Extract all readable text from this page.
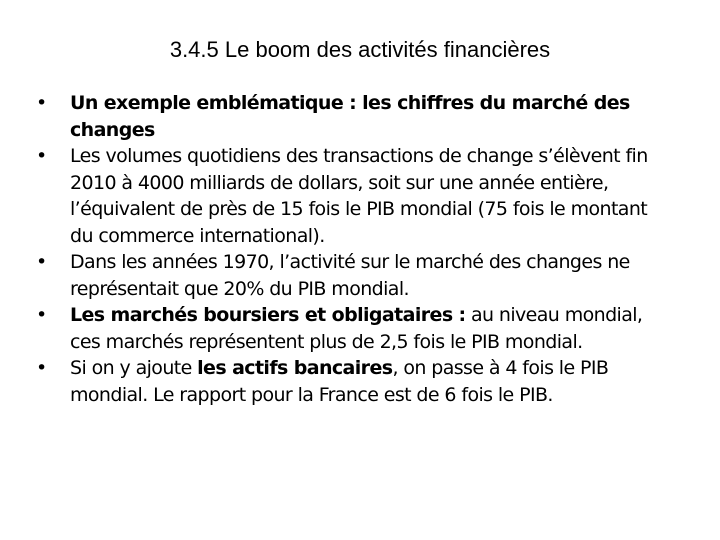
3.4.5 Le boom des activités financières
•	Un exemple emblématique : les chiffres du marché des changes
•	Les volumes quotidiens des transactions de change s’élèvent fin 2010 à 4000 milliards de dollars, soit sur une année entière, l’équivalent de près de 15 fois le PIB mondial (75 fois le montant du commerce international).
•	Dans les années 1970, l’activité sur le marché des changes ne représentait que 20% du PIB mondial.
•	Les marchés boursiers et obligataires : au niveau mondial, ces marchés représentent plus de 2,5 fois le PIB mondial.
•	Si on y ajoute les actifs bancaires, on passe à 4 fois le PIB mondial. Le rapport pour la France est de 6 fois le PIB.
